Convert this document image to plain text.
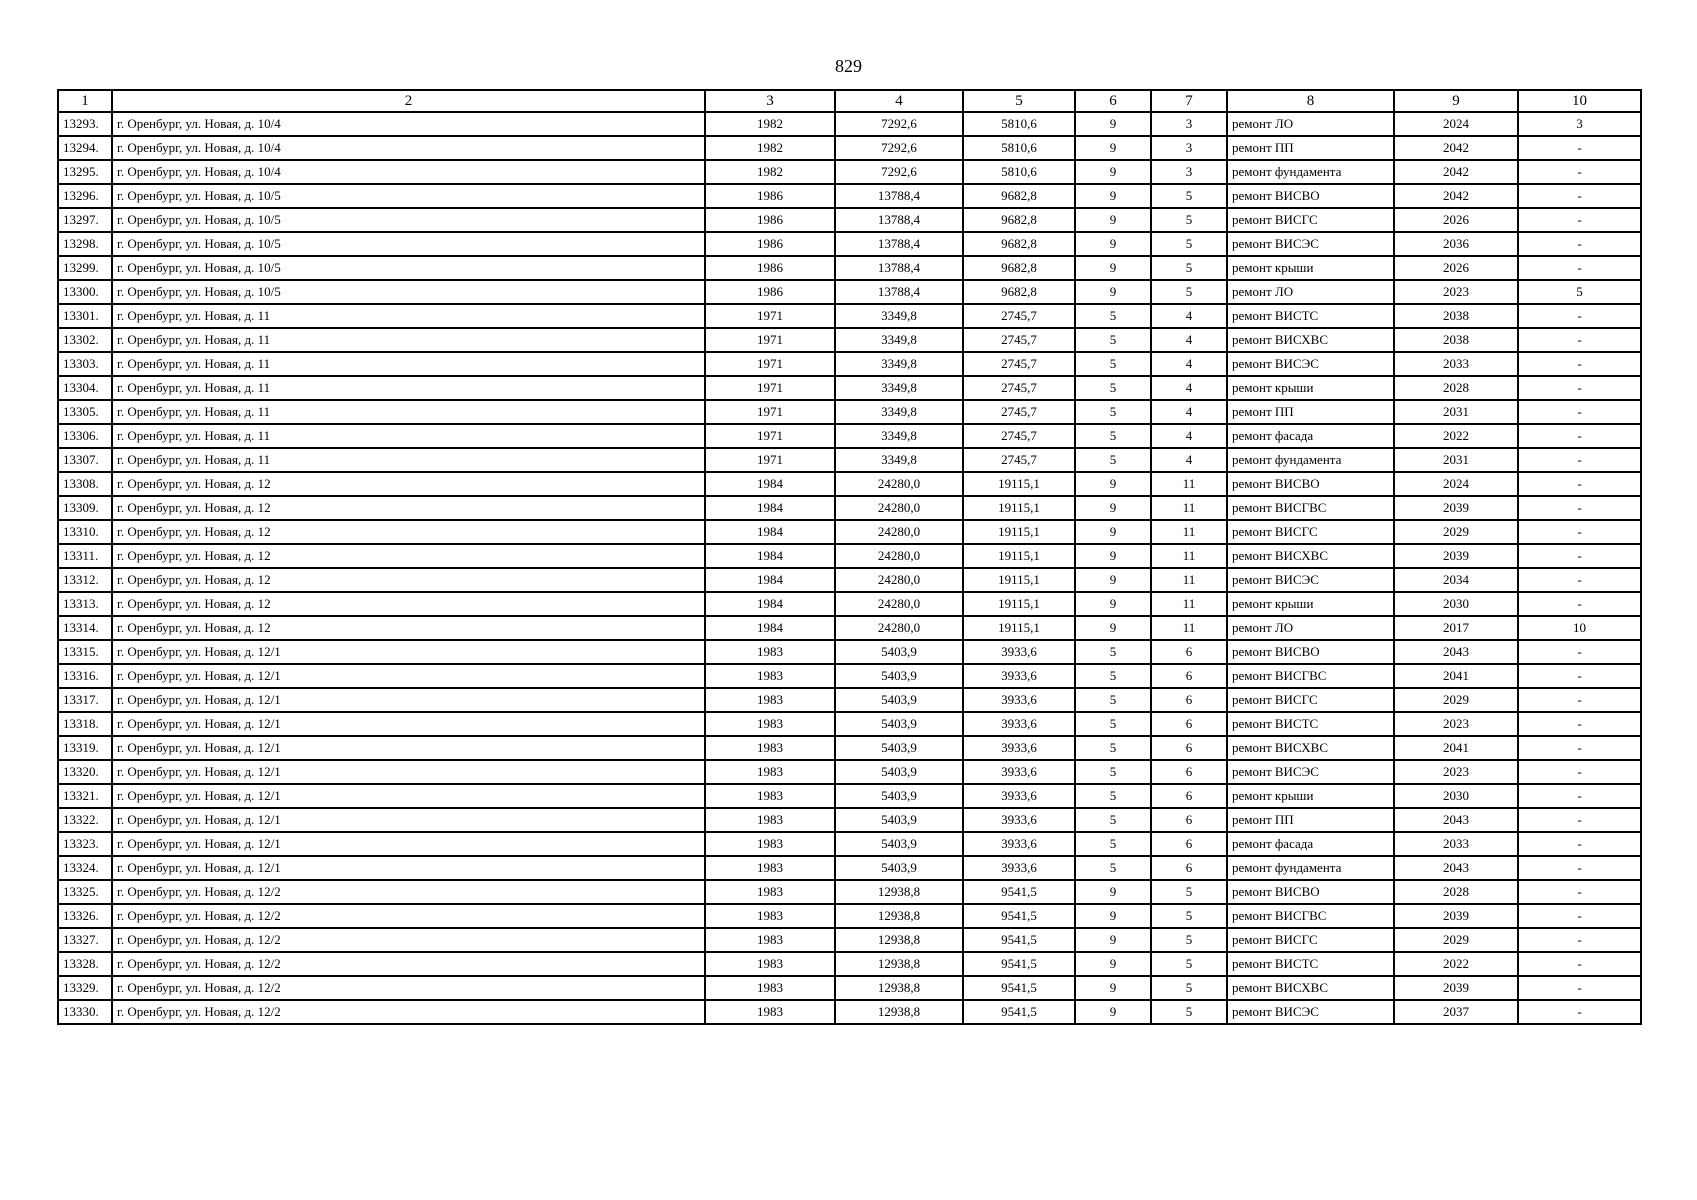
829
1	2	3	4	5	6	7	8	9	10
13293.	г. Оренбург, ул. Новая, д. 10/4	1982	7292,6	5810,6	9	3	ремонт ЛО	2024	3
13294.	г. Оренбург, ул. Новая, д. 10/4	1982	7292,6	5810,6	9	3	ремонт ПП	2042	-
13295.	г. Оренбург, ул. Новая, д. 10/4	1982	7292,6	5810,6	9	3	ремонт фундамента	2042	-
13296.	г. Оренбург, ул. Новая, д. 10/5	1986	13788,4	9682,8	9	5	ремонт ВИСВО	2042	-
13297.	г. Оренбург, ул. Новая, д. 10/5	1986	13788,4	9682,8	9	5	ремонт ВИСГС	2026	-
13298.	г. Оренбург, ул. Новая, д. 10/5	1986	13788,4	9682,8	9	5	ремонт ВИСЭС	2036	-
13299.	г. Оренбург, ул. Новая, д. 10/5	1986	13788,4	9682,8	9	5	ремонт крыши	2026	-
13300.	г. Оренбург, ул. Новая, д. 10/5	1986	13788,4	9682,8	9	5	ремонт ЛО	2023	5
13301.	г. Оренбург, ул. Новая, д. 11	1971	3349,8	2745,7	5	4	ремонт ВИСТС	2038	-
13302.	г. Оренбург, ул. Новая, д. 11	1971	3349,8	2745,7	5	4	ремонт ВИСХВС	2038	-
13303.	г. Оренбург, ул. Новая, д. 11	1971	3349,8	2745,7	5	4	ремонт ВИСЭС	2033	-
13304.	г. Оренбург, ул. Новая, д. 11	1971	3349,8	2745,7	5	4	ремонт крыши	2028	-
13305.	г. Оренбург, ул. Новая, д. 11	1971	3349,8	2745,7	5	4	ремонт ПП	2031	-
13306.	г. Оренбург, ул. Новая, д. 11	1971	3349,8	2745,7	5	4	ремонт фасада	2022	-
13307.	г. Оренбург, ул. Новая, д. 11	1971	3349,8	2745,7	5	4	ремонт фундамента	2031	-
13308.	г. Оренбург, ул. Новая, д. 12	1984	24280,0	19115,1	9	11	ремонт ВИСВО	2024	-
13309.	г. Оренбург, ул. Новая, д. 12	1984	24280,0	19115,1	9	11	ремонт ВИСГВС	2039	-
13310.	г. Оренбург, ул. Новая, д. 12	1984	24280,0	19115,1	9	11	ремонт ВИСГС	2029	-
13311.	г. Оренбург, ул. Новая, д. 12	1984	24280,0	19115,1	9	11	ремонт ВИСХВС	2039	-
13312.	г. Оренбург, ул. Новая, д. 12	1984	24280,0	19115,1	9	11	ремонт ВИСЭС	2034	-
13313.	г. Оренбург, ул. Новая, д. 12	1984	24280,0	19115,1	9	11	ремонт крыши	2030	-
13314.	г. Оренбург, ул. Новая, д. 12	1984	24280,0	19115,1	9	11	ремонт ЛО	2017	10
13315.	г. Оренбург, ул. Новая, д. 12/1	1983	5403,9	3933,6	5	6	ремонт ВИСВО	2043	-
13316.	г. Оренбург, ул. Новая, д. 12/1	1983	5403,9	3933,6	5	6	ремонт ВИСГВС	2041	-
13317.	г. Оренбург, ул. Новая, д. 12/1	1983	5403,9	3933,6	5	6	ремонт ВИСГС	2029	-
13318.	г. Оренбург, ул. Новая, д. 12/1	1983	5403,9	3933,6	5	6	ремонт ВИСТС	2023	-
13319.	г. Оренбург, ул. Новая, д. 12/1	1983	5403,9	3933,6	5	6	ремонт ВИСХВС	2041	-
13320.	г. Оренбург, ул. Новая, д. 12/1	1983	5403,9	3933,6	5	6	ремонт ВИСЭС	2023	-
13321.	г. Оренбург, ул. Новая, д. 12/1	1983	5403,9	3933,6	5	6	ремонт крыши	2030	-
13322.	г. Оренбург, ул. Новая, д. 12/1	1983	5403,9	3933,6	5	6	ремонт ПП	2043	-
13323.	г. Оренбург, ул. Новая, д. 12/1	1983	5403,9	3933,6	5	6	ремонт фасада	2033	-
13324.	г. Оренбург, ул. Новая, д. 12/1	1983	5403,9	3933,6	5	6	ремонт фундамента	2043	-
13325.	г. Оренбург, ул. Новая, д. 12/2	1983	12938,8	9541,5	9	5	ремонт ВИСВО	2028	-
13326.	г. Оренбург, ул. Новая, д. 12/2	1983	12938,8	9541,5	9	5	ремонт ВИСГВС	2039	-
13327.	г. Оренбург, ул. Новая, д. 12/2	1983	12938,8	9541,5	9	5	ремонт ВИСГС	2029	-
13328.	г. Оренбург, ул. Новая, д. 12/2	1983	12938,8	9541,5	9	5	ремонт ВИСТС	2022	-
13329.	г. Оренбург, ул. Новая, д. 12/2	1983	12938,8	9541,5	9	5	ремонт ВИСХВС	2039	-
13330.	г. Оренбург, ул. Новая, д. 12/2	1983	12938,8	9541,5	9	5	ремонт ВИСЭС	2037	-
